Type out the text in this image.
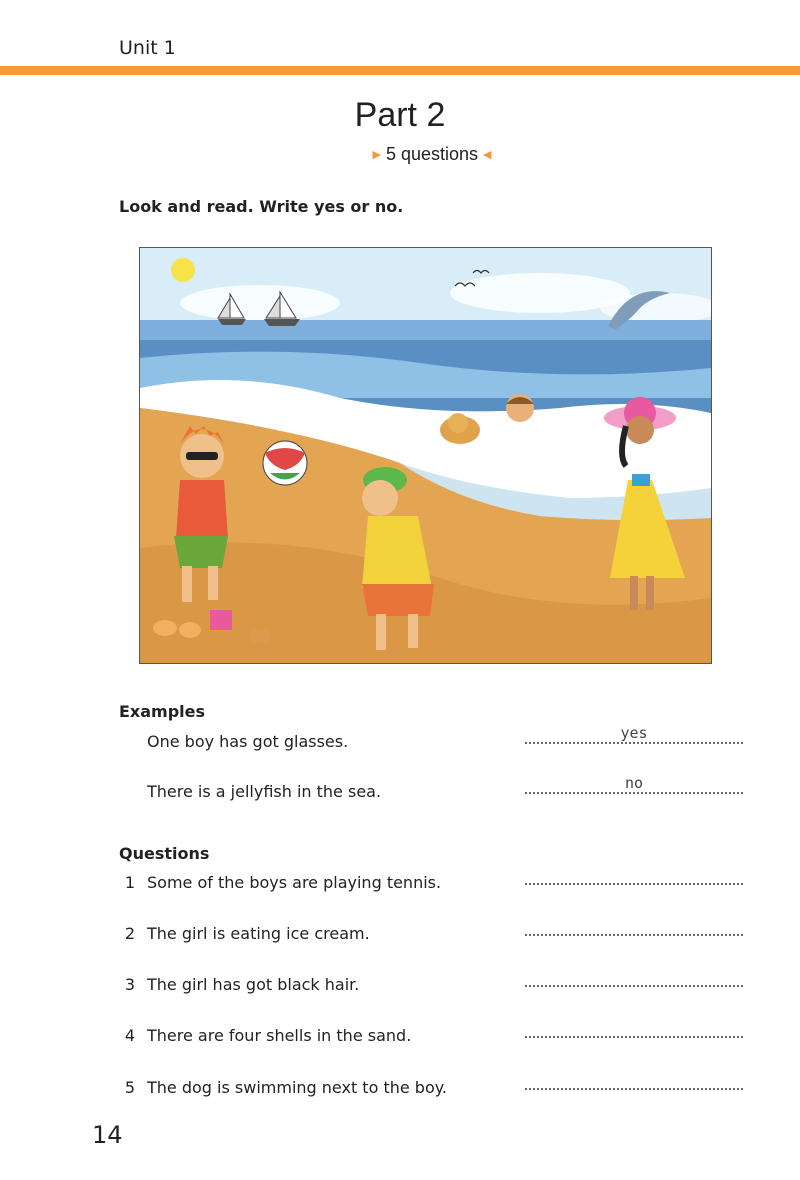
Unit 1
Part 2
▶ 5 questions ◀
Look and read. Write yes or no.
Examples
One boy has got glasses.	yes
There is a jellyfish in the sea.	no
Questions
1 Some of the boys are playing tennis.
2 The girl is eating ice cream.
3 The girl has got black hair.
4 There are four shells in the sand.
5 The dog is swimming next to the boy.
14
